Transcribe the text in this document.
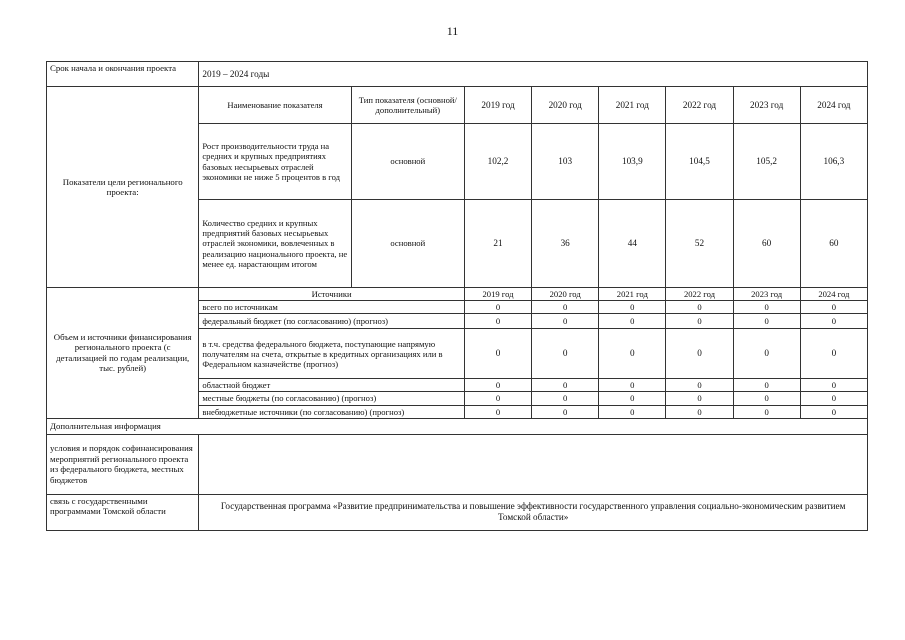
11
Срок начала и окончания проекта	2019 – 2024 годы							
Показатели цели регионального проекта:	Наименование показателя	Тип показателя (основной/ дополнительный)	2019 год	2020 год	2021 год	2022 год	2023 год	2024 год
	Рост производительности труда на средних и крупных предприятиях базовых несырьевых отраслей экономики не ниже 5 процентов в год	основной	102,2	103	103,9	104,5	105,2	106,3
	Количество средних и крупных предприятий базовых несырьевых отраслей экономики, вовлеченных в реализацию национального проекта, не менее ед. нарастающим итогом	основной	21	36	44	52	60	60
Объем и источники финансирования регионального проекта (с детализацией по годам реализации, тыс. рублей)	Источники		2019 год	2020 год	2021 год	2022 год	2023 год	2024 год
	всего по источникам		0	0	0	0	0	0
	федеральный бюджет (по согласованию) (прогноз)		0	0	0	0	0	0
	в т.ч. средства федерального бюджета, поступающие напрямую получателям на счета, открытые в кредитных организациях или в Федеральном казначействе (прогноз)		0	0	0	0	0	0
	областной бюджет		0	0	0	0	0	0
	местные бюджеты (по согласованию) (прогноз)		0	0	0	0	0	0
	внебюджетные источники (по согласованию) (прогноз)		0	0	0	0	0	0
Дополнительная информация								
условия и порядок софинансирования мероприятий регионального проекта из федерального бюджета, местных бюджетов								
связь с государственными программами Томской области	Государственная программа «Развитие предпринимательства и повышение эффективности государственного управления социально-экономическим развитием Томской области»							
